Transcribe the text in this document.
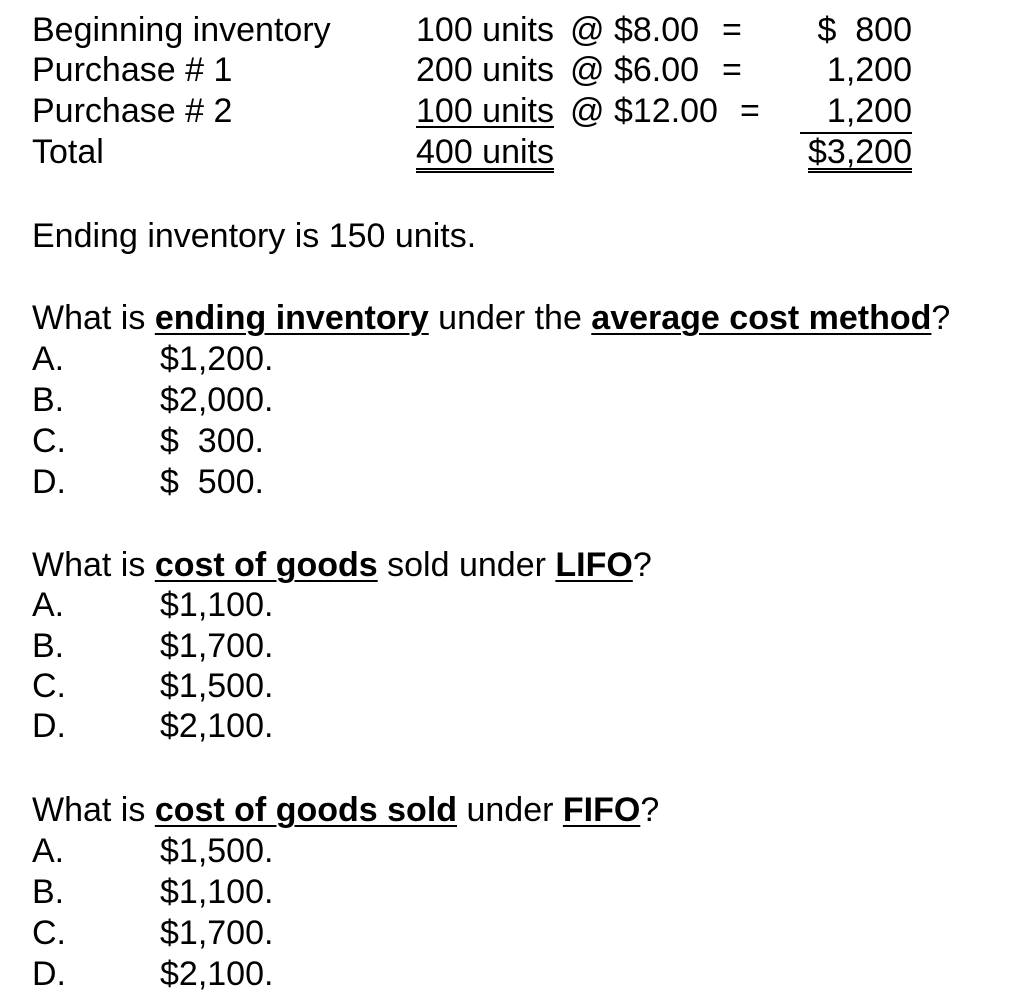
Beginning inventory	100 units @ $8.00 =	$  800
Purchase # 1	200 units @ $6.00 =	1,200
Purchase # 2	100 units @ $12.00 =	1,200
Total	400 units	$3,200
Ending inventory is 150 units.
What is ending inventory under the average cost method?
A.	$1,200.
B.	$2,000.
C.	$  300.
D.	$  500.
What is cost of goods sold under LIFO?
A.	$1,100.
B.	$1,700.
C.	$1,500.
D.	$2,100.
What is cost of goods sold under FIFO?
A.	$1,500.
B.	$1,100.
C.	$1,700.
D.	$2,100.
